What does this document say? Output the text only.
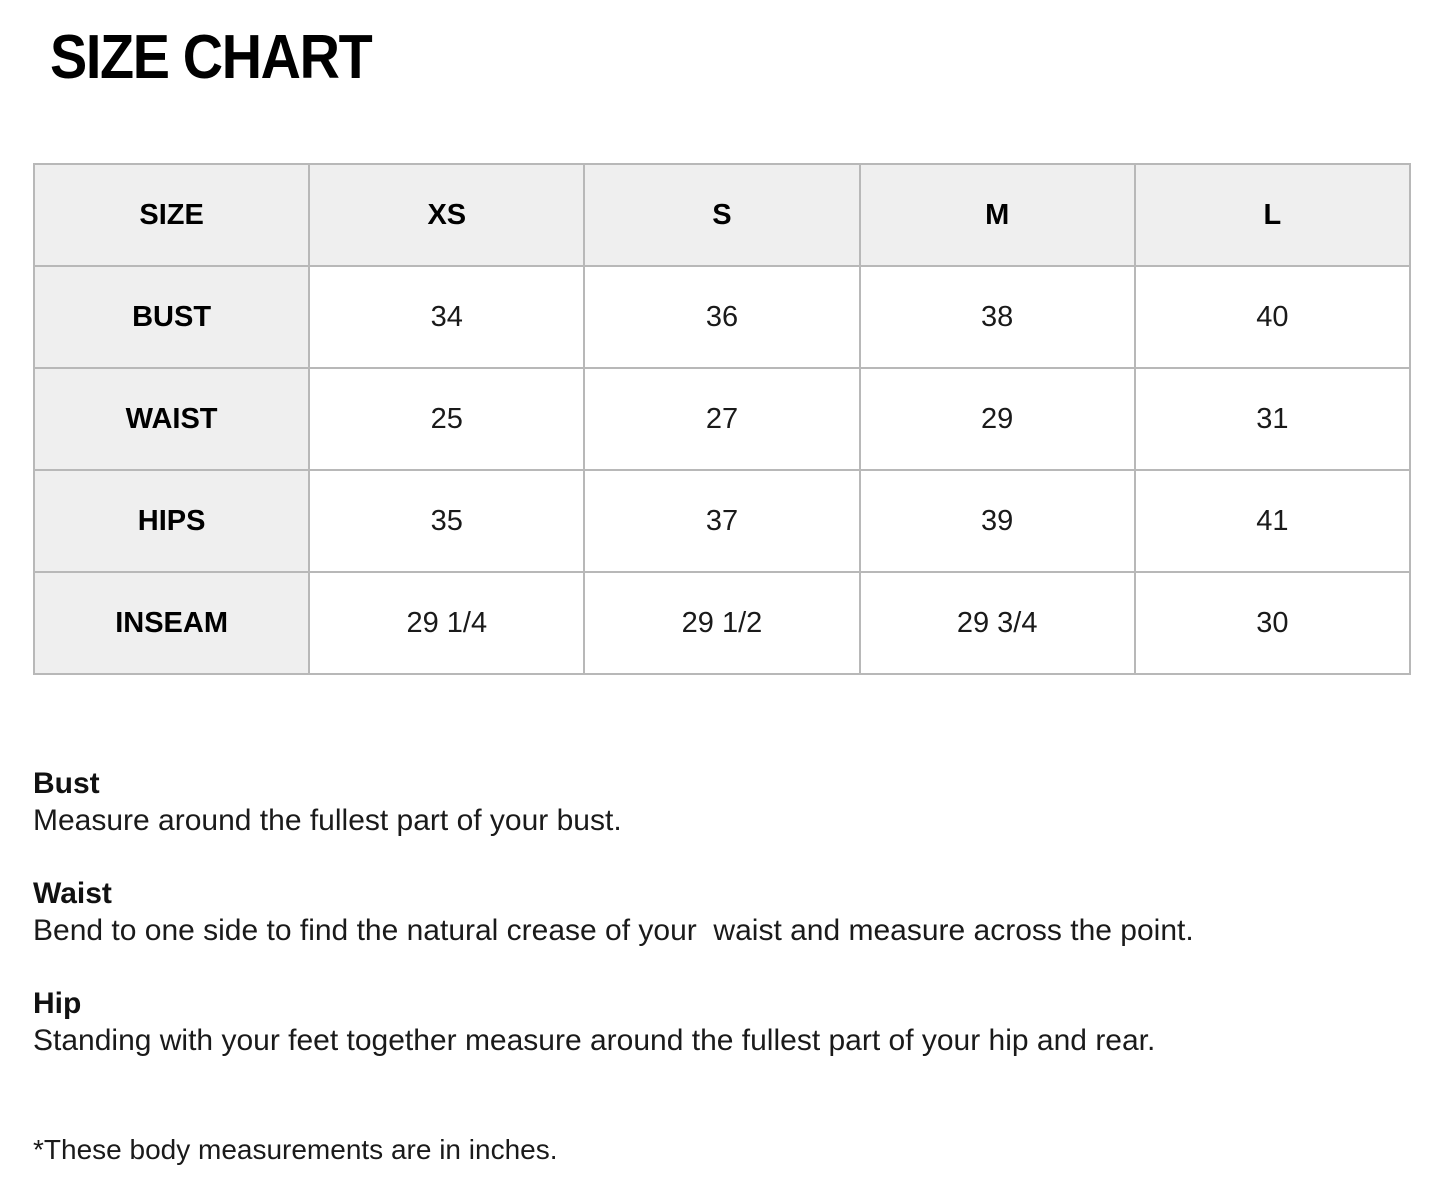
SIZE CHART
SIZE	XS	S	M	L
BUST	34	36	38	40
WAIST	25	27	29	31
HIPS	35	37	39	41
INSEAM	29 1/4	29 1/2	29 3/4	30
Bust
Measure around the fullest part of your bust.
Waist
Bend to one side to find the natural crease of your  waist and measure across the point.
Hip
Standing with your feet together measure around the fullest part of your hip and rear.
*These body measurements are in inches.
